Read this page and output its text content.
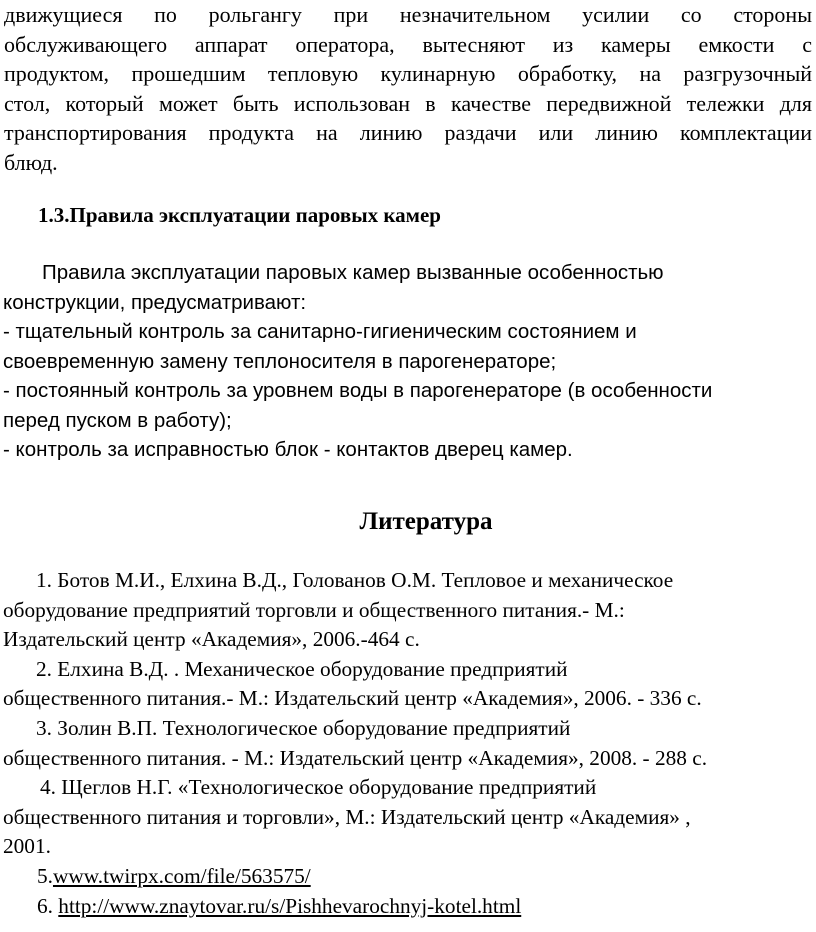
движущиеся по рольгангу при незначительном усилии со стороны
обслуживающего аппарат оператора, вытесняют из камеры емкости с
продуктом, прошедшим тепловую кулинарную обработку, на разгрузочный
стол, который может быть использован в качестве передвижной тележки для
транспортирования продукта на линию раздачи или линию комплектации
блюд.
1.3.Правила эксплуатации паровых камер
Правила эксплуатации паровых камер вызванные особенностью
конструкции, предусматривают:
- тщательный контроль за санитарно-гигиеническим состоянием и
своевременную замену теплоносителя в парогенераторе;
- постоянный контроль за уровнем воды в парогенераторе (в особенности
перед пуском в работу);
- контроль за исправностью блок - контактов дверец камер.
Литература
1. Ботов М.И., Елхина В.Д., Голованов О.М. Тепловое и механическое
оборудование предприятий торговли и общественного питания.- М.:
Издательский центр «Академия», 2006.-464 с.
2. Елхина В.Д. . Механическое оборудование предприятий
общественного питания.- М.: Издательский центр «Академия», 2006. - 336 с.
3. Золин В.П. Технологическое оборудование предприятий
общественного питания. - М.: Издательский центр «Академия», 2008. - 288 с.
4. Щеглов Н.Г. «Технологическое оборудование предприятий
общественного питания и торговли», М.: Издательский центр «Академия» ,
2001.
5.www.twirpx.com/file/563575/
6. http://www.znaytovar.ru/s/Pishhevarochnyj-kotel.html
